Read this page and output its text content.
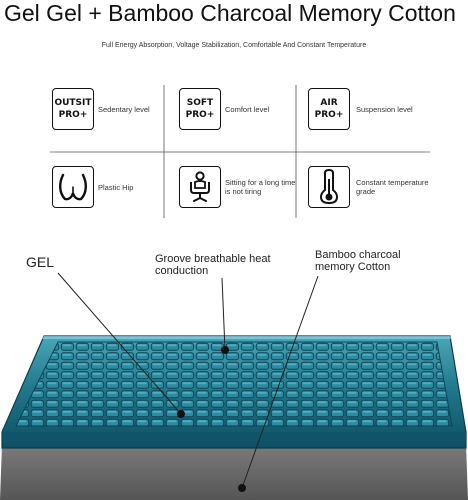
Gel Gel + Bamboo Charcoal Memory Cotton
Full Energy Absorption, Voltage Stabilization, Comfortable And Constant Temperature
OUTSIT
PRO+
Sedentary level
SOFT
PRO+
Comfort level
AIR
PRO+
Suspension level
Plastic Hip	Sitting for a long time is not tiring
Constant temperature grade
GEL	Groove breathable heat conduction
Bamboo charcoal memory Cotton
